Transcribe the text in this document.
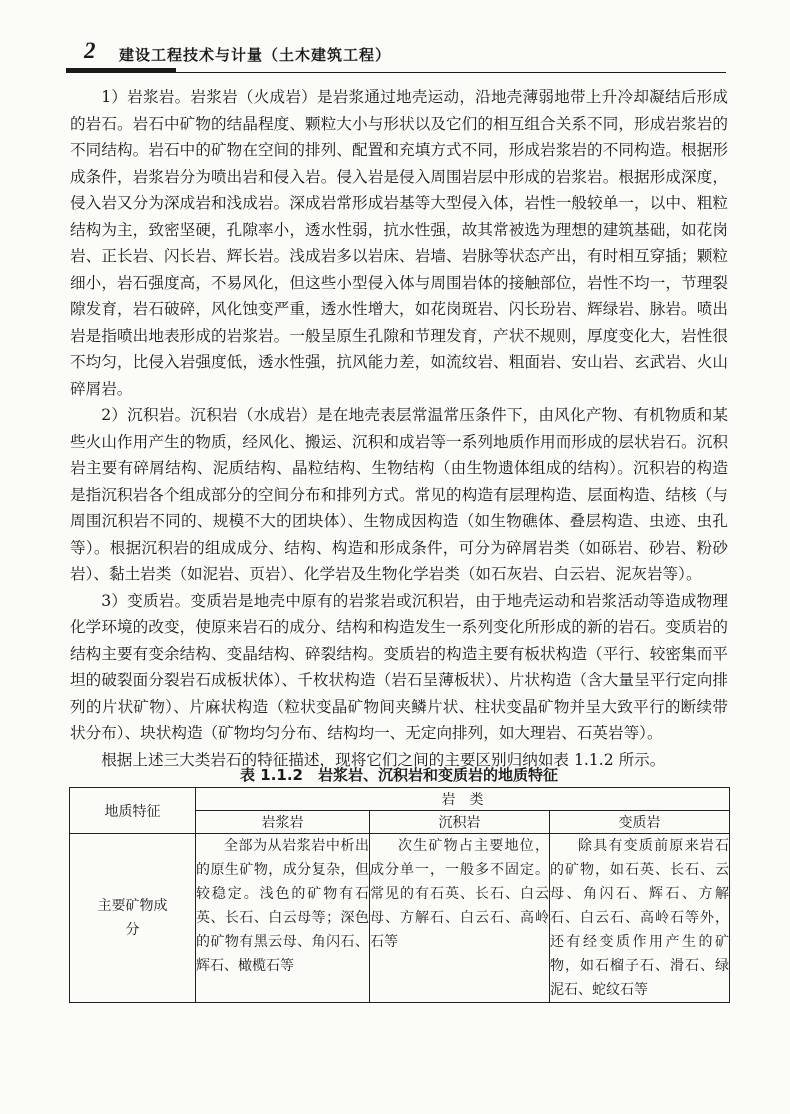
2 建设工程技术与计量（土木建筑工程）

1）岩浆岩。岩浆岩（火成岩）是岩浆通过地壳运动，沿地壳薄弱地带上升冷却凝结后形成的岩石。岩石中矿物的结晶程度、颗粒大小与形状以及它们的相互组合关系不同，形成岩浆岩的不同结构。岩石中的矿物在空间的排列、配置和充填方式不同，形成岩浆岩的不同构造。根据形成条件，岩浆岩分为喷出岩和侵入岩。侵入岩是侵入周围岩层中形成的岩浆岩。根据形成深度，侵入岩又分为深成岩和浅成岩。深成岩常形成岩基等大型侵入体，岩性一般较单一，以中、粗粒结构为主，致密坚硬，孔隙率小，透水性弱，抗水性强，故其常被选为理想的建筑基础，如花岗岩、正长岩、闪长岩、辉长岩。浅成岩多以岩床、岩墙、岩脉等状态产出，有时相互穿插；颗粒细小，岩石强度高，不易风化，但这些小型侵入体与周围岩体的接触部位，岩性不均一，节理裂隙发育，岩石破碎，风化蚀变严重，透水性增大，如花岗斑岩、闪长玢岩、辉绿岩、脉岩。喷出岩是指喷出地表形成的岩浆岩。一般呈原生孔隙和节理发育，产状不规则，厚度变化大，岩性很不均匀，比侵入岩强度低，透水性强，抗风能力差，如流纹岩、粗面岩、安山岩、玄武岩、火山碎屑岩。

2）沉积岩。沉积岩（水成岩）是在地壳表层常温常压条件下，由风化产物、有机物质和某些火山作用产生的物质，经风化、搬运、沉积和成岩等一系列地质作用而形成的层状岩石。沉积岩主要有碎屑结构、泥质结构、晶粒结构、生物结构（由生物遗体组成的结构）。沉积岩的构造是指沉积岩各个组成部分的空间分布和排列方式。常见的构造有层理构造、层面构造、结核（与周围沉积岩不同的、规模不大的团块体）、生物成因构造（如生物礁体、叠层构造、虫迹、虫孔等）。根据沉积岩的组成成分、结构、构造和形成条件，可分为碎屑岩类（如砾岩、砂岩、粉砂岩）、黏土岩类（如泥岩、页岩）、化学岩及生物化学岩类（如石灰岩、白云岩、泥灰岩等）。

3）变质岩。变质岩是地壳中原有的岩浆岩或沉积岩，由于地壳运动和岩浆活动等造成物理化学环境的改变，使原来岩石的成分、结构和构造发生一系列变化所形成的新的岩石。变质岩的结构主要有变余结构、变晶结构、碎裂结构。变质岩的构造主要有板状构造（平行、较密集而平坦的破裂面分裂岩石成板状体）、千枚状构造（岩石呈薄板状）、片状构造（含大量呈平行定向排列的片状矿物）、片麻状构造（粒状变晶矿物间夹鳞片状、柱状变晶矿物并呈大致平行的断续带状分布）、块状构造（矿物均匀分布、结构均一、无定向排列，如大理岩、石英岩等）。

根据上述三大类岩石的特征描述，现将它们之间的主要区别归纳如表 1.1.2 所示。

表 1.1.2　岩浆岩、沉积岩和变质岩的地质特征
地质特征	岩　类		
	岩浆岩	沉积岩	变质岩

主要矿物成分	全部为从岩浆岩中析出的原生矿物，成分复杂，但较稳定。浅色的矿物有石英、长石、白云母等；深色的矿物有黑云母、角闪石、辉石、橄榄石等	次生矿物占主要地位，成分单一，一般多不固定。常见的有石英、长石、白云母、方解石、白云石、高岭石等	除具有变质前原来岩石的矿物，如石英、长石、云母、角闪石、辉石、方解石、白云石、高岭石等外，还有经变质作用产生的矿物，如石榴子石、滑石、绿泥石、蛇纹石等
